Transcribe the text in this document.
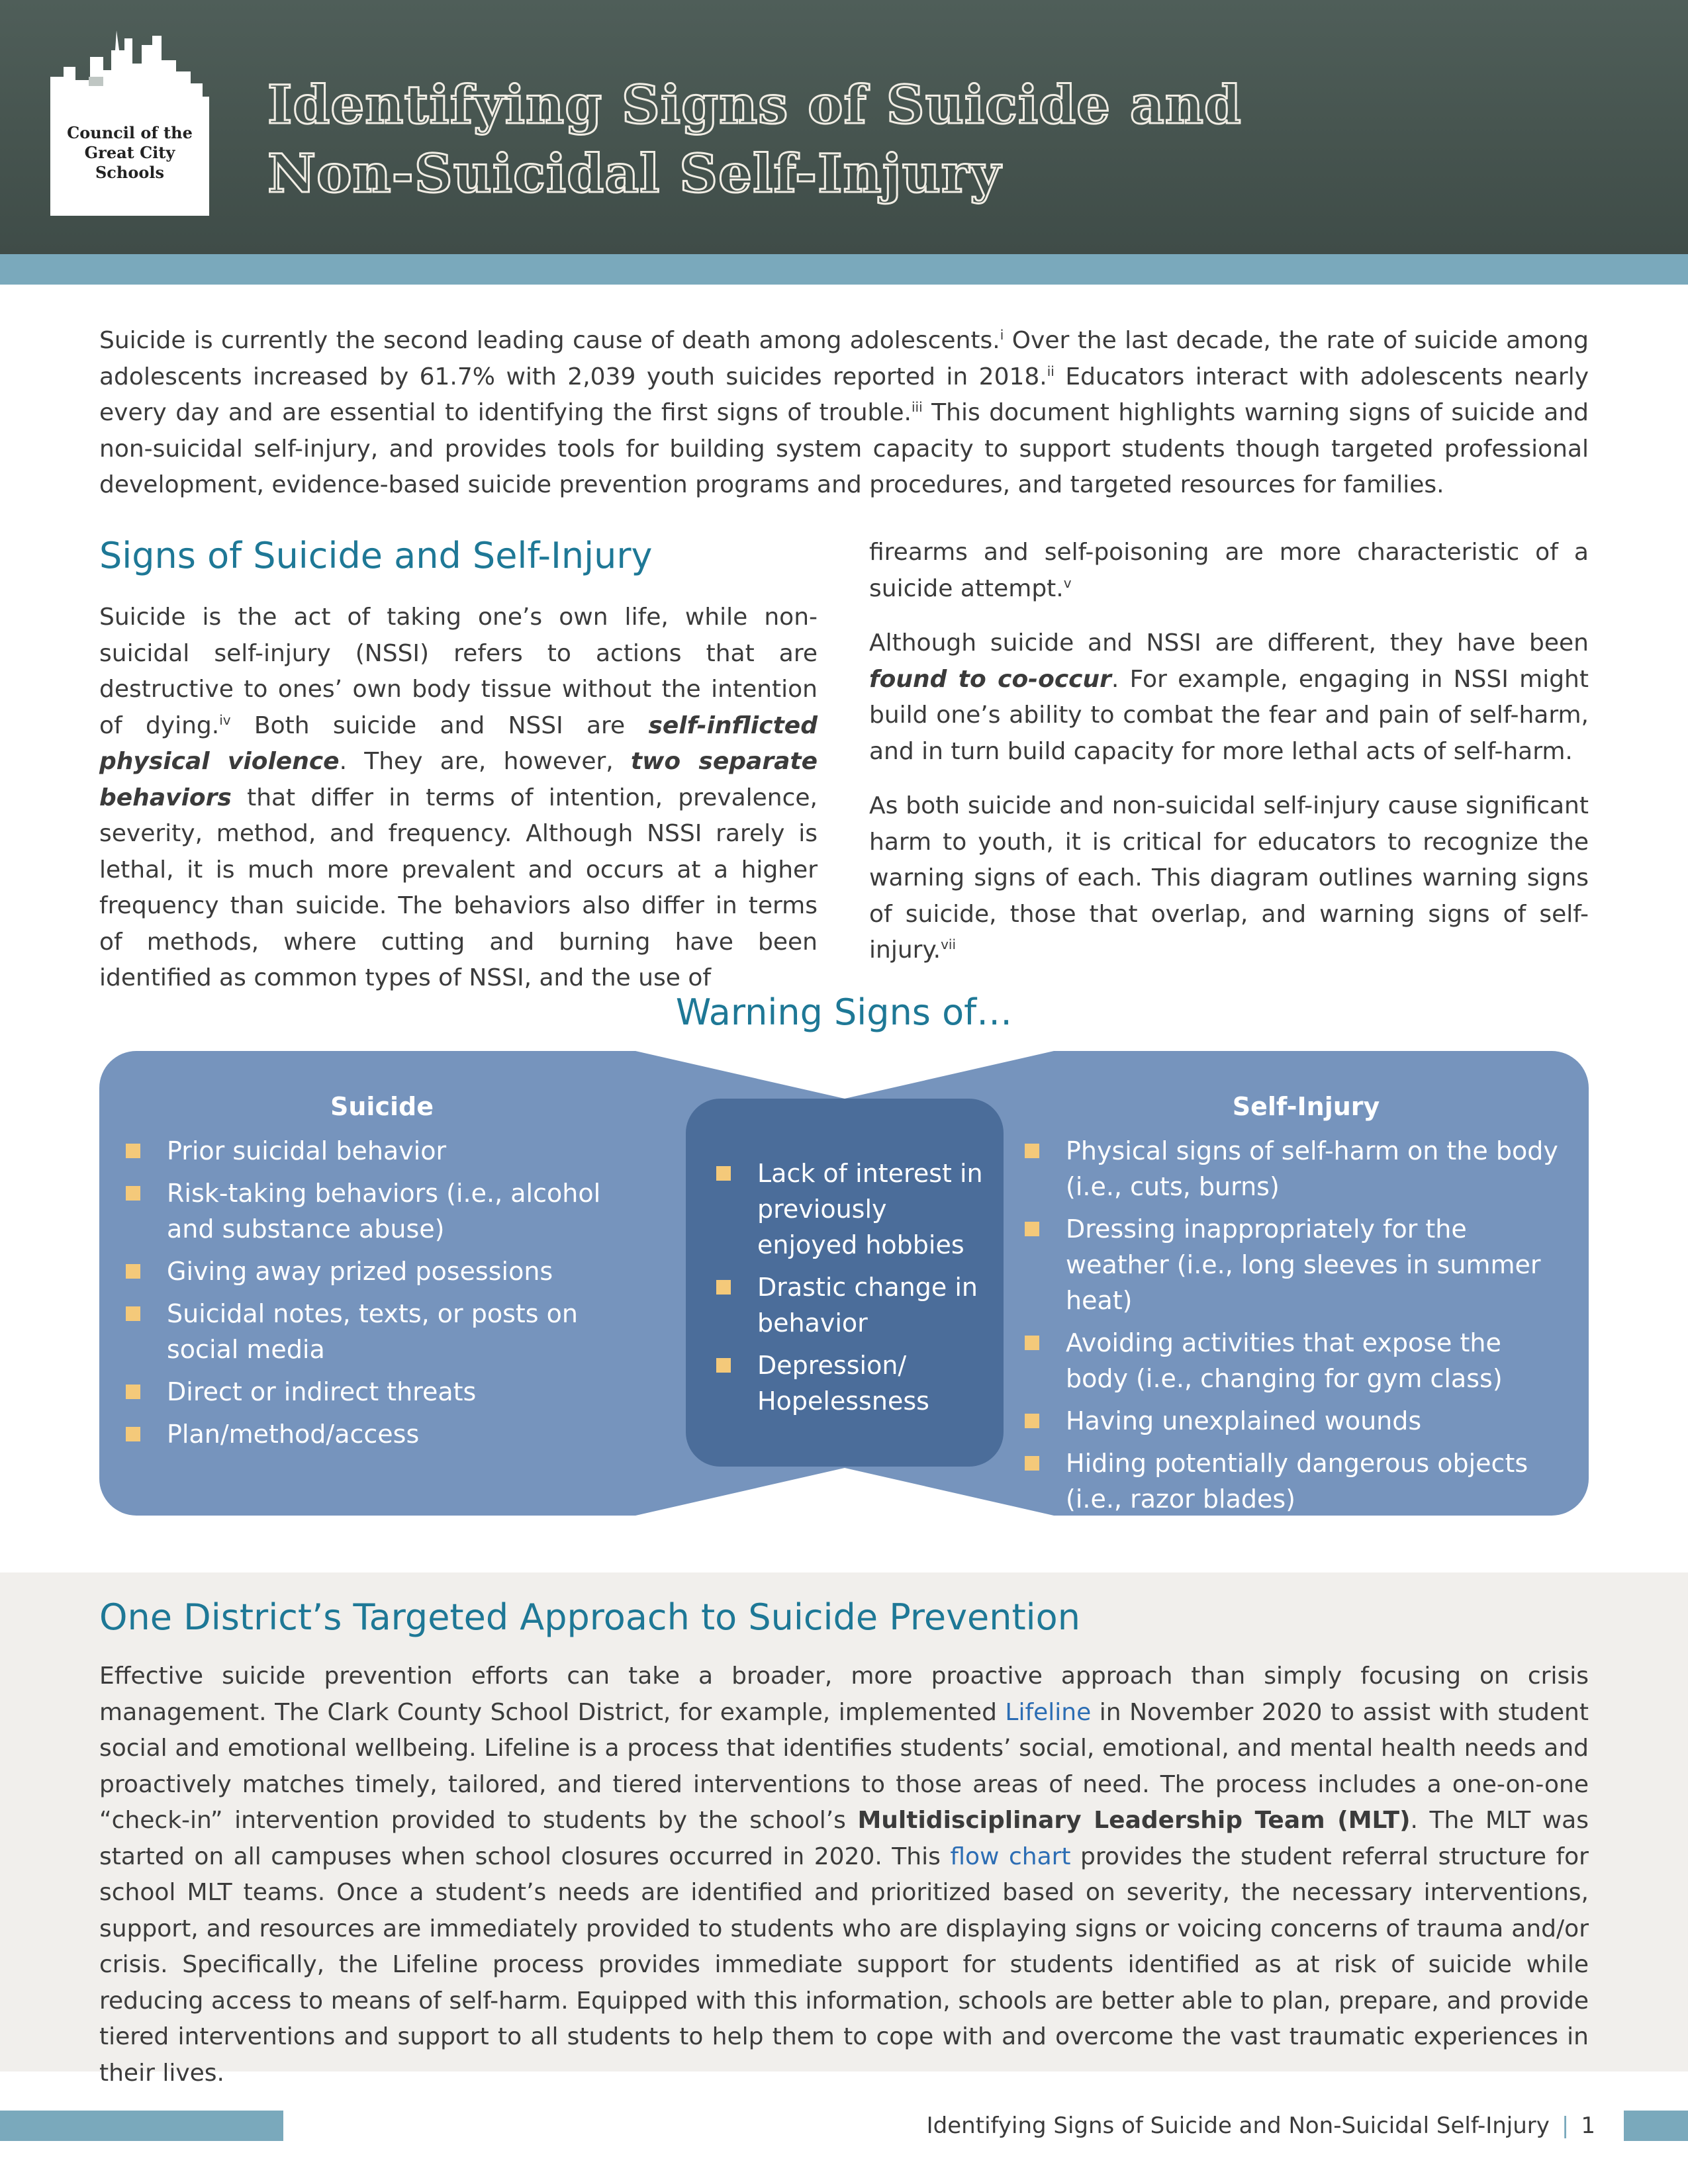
Council of the
Great City Schools
Identifying Signs of Suicide and
Non-Suicidal Self-Injury

Suicide is currently the second leading cause of death among adolescents.$^i$ Over the last decade, the rate of suicide among adolescents increased by 61.7% with 2,039 youth suicides reported in 2018.$^{ii}$ Educators interact with adolescents nearly every day and are essential to identifying the first signs of trouble.$^{iii}$ This document highlights warning signs of suicide and non-suicidal self-injury, and provides tools for building system capacity to support students though targeted professional development, evidence-based suicide prevention programs and procedures, and targeted resources for families.

Signs of Suicide and Self-Injury

Suicide is the act of taking one’s own life, while non-suicidal self-injury (NSSI) refers to actions that are destructive to ones’ own body tissue without the intention of dying.$^{iv}$ Both suicide and NSSI are self-inflicted physical violence. They are, however, two separate behaviors that differ in terms of intention, prevalence, severity, method, and frequency. Although NSSI rarely is lethal, it is much more prevalent and occurs at a higher frequency than suicide. The behaviors also differ in terms of methods, where cutting and burning have been identified as common types of NSSI, and the use of

firearms and self-poisoning are more characteristic of a suicide attempt.$^v$

Although suicide and NSSI are different, they have been found to co-occur. For example, engaging in NSSI might build one’s ability to combat the fear and pain of self-harm, and in turn build capacity for more lethal acts of self-harm.

As both suicide and non-suicidal self-injury cause significant harm to youth, it is critical for educators to recognize the warning signs of each. This diagram outlines warning signs of suicide, those that overlap, and warning signs of self-injury.$^{vii}$

Warning Signs of…
Suicide	Self-Injury
Prior suicidal behavior
Risk-taking behaviors (i.e., alcohol and substance abuse)
Giving away prized posessions
Suicidal notes, texts, or posts on social media
Direct or indirect threats
Plan/method/access
Lack of interest in previously enjoyed hobbies
Drastic change in behavior
Depression/ Hopelessness
Physical signs of self-harm on the body (i.e., cuts, burns)
Dressing inappropriately for the weather (i.e., long sleeves in summer heat)
Avoiding activities that expose the body (i.e., changing for gym class)
Having unexplained wounds
Hiding potentially dangerous objects (i.e., razor blades)
One District’s Targeted Approach to Suicide Prevention

Effective suicide prevention efforts can take a broader, more proactive approach than simply focusing on crisis management. The Clark County School District, for example, implemented Lifeline in November 2020 to assist with student social and emotional wellbeing. Lifeline is a process that identifies students’ social, emotional, and mental health needs and proactively matches timely, tailored, and tiered interventions to those areas of need. The process includes a one-on-one “check-in” intervention provided to students by the school’s Multidisciplinary Leadership Team (MLT). The MLT was started on all campuses when school closures occurred in 2020. This flow chart provides the student referral structure for school MLT teams. Once a student’s needs are identified and prioritized based on severity, the necessary interventions, support, and resources are immediately provided to students who are displaying signs or voicing concerns of trauma and/or crisis. Specifically, the Lifeline process provides immediate support for students identified as at risk of suicide while reducing access to means of self-harm. Equipped with this information, schools are better able to plan, prepare, and provide tiered interventions and support to all students to help them to cope with and overcome the vast traumatic experiences in their lives.

Identifying Signs of Suicide and Non-Suicidal Self-Injury | 1
